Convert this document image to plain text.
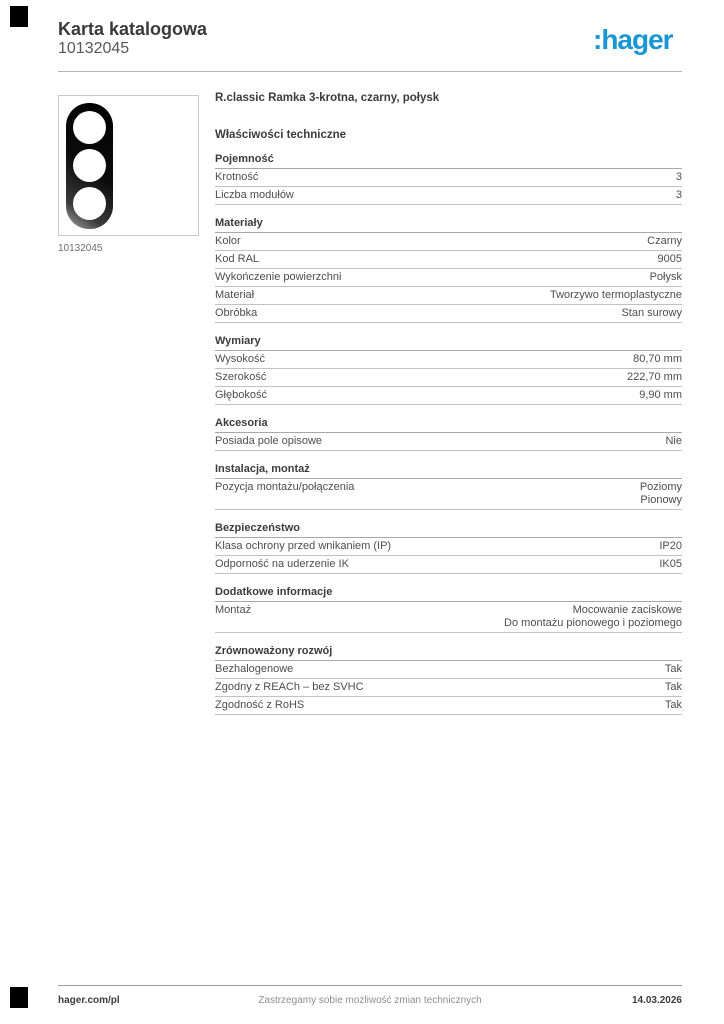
Karta katalogowa
10132045	:hager
10132045
R.classic Ramka 3-krotna, czarny, połysk
Właściwości techniczne
Pojemność
Krotność	3
Liczba modułów	3
Materiały
Kolor	Czarny
Kod RAL	9005
Wykończenie powierzchni	Połysk
Materiał	Tworzywo termoplastyczne
Obróbka	Stan surowy
Wymiary
Wysokość	80,70 mm
Szerokość	222,70 mm
Głębokość	9,90 mm
Akcesoria
Posiada pole opisowe	Nie
Instalacja, montaż
Pozycja montażu/połączenia	Poziomy
Pionowy
Bezpieczeństwo
Klasa ochrony przed wnikaniem (IP)	IP20
Odporność na uderzenie IK	IK05
Dodatkowe informacje
Montaż	Mocowanie zaciskowe
Do montażu pionowego i poziomego
Zrównoważony rozwój
Bezhalogenowe	Tak
Zgodny z REACh – bez SVHC	Tak
Zgodność z RoHS	Tak
Zastrzegamy sobie możliwość zmian technicznych
hager.com/pl	14.03.2026
